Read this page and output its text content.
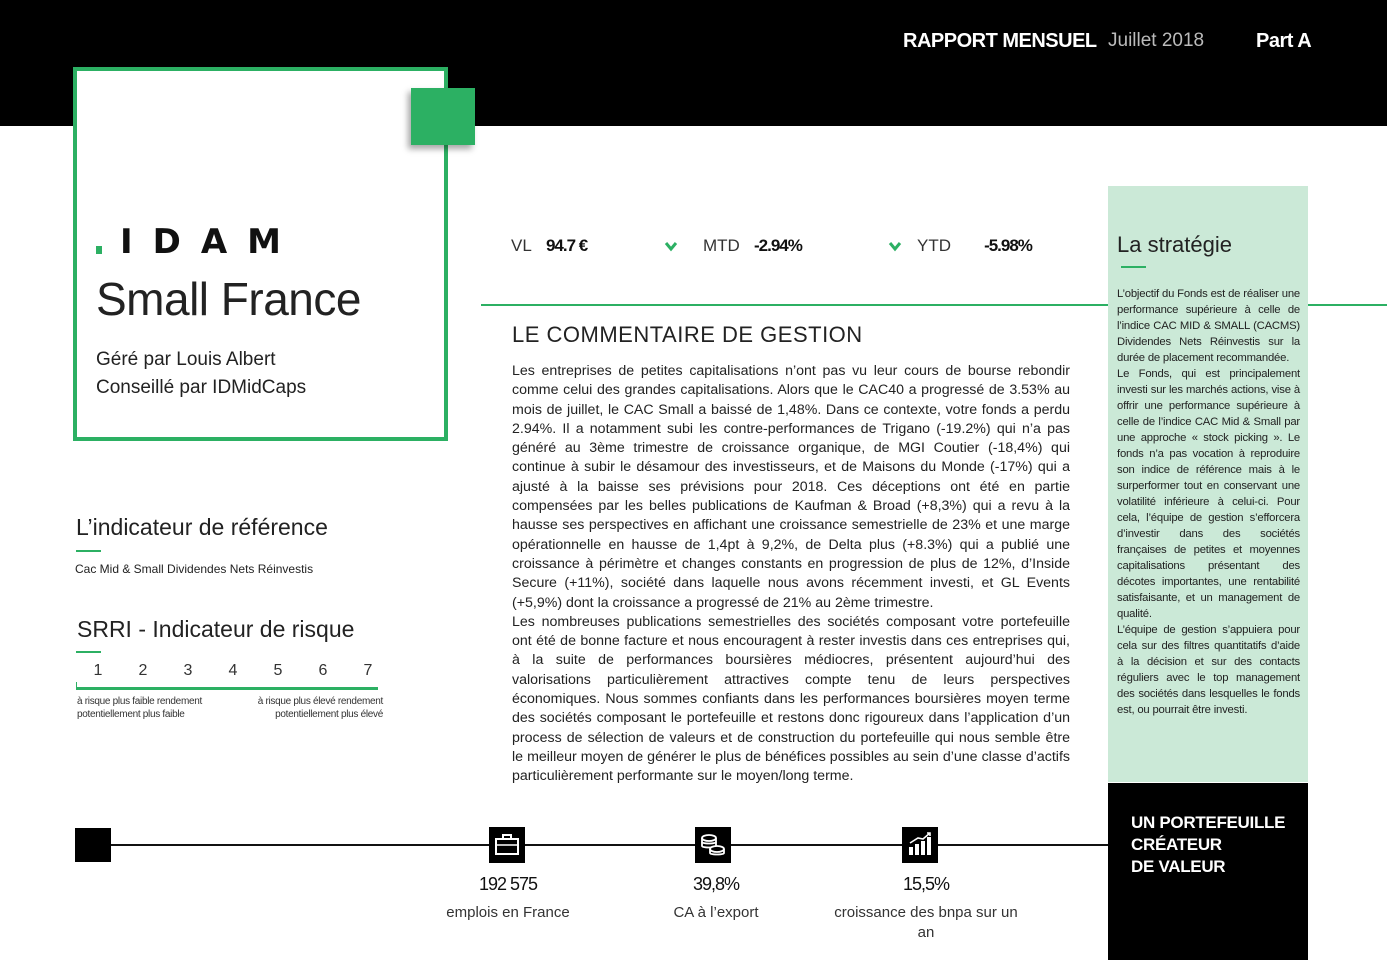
RAPPORT MENSUEL Juillet 2018	Part A
IDAM
Small France
Géré par Louis Albert
Conseillé par IDMidCaps
VL 94.7 €	MTD -2.94%	YTD -5.98%
L’indicateur de référence
Cac Mid & Small Dividendes Nets Réinvestis
SRRI - Indicateur de risque
1	2	3	4	5	6	7
à risque plus faible rendement
potentiellement plus faible
à risque plus élevé rendement
potentiellement plus élevé
LE COMMENTAIRE DE GESTION

Les entreprises de petites capitalisations n’ont pas vu leur cours de bourse rebondir comme celui des grandes capitalisations. Alors que le CAC40 a progressé de 3.53% au mois de juillet, le CAC Small a baissé de 1,48%. Dans ce contexte, votre fonds a perdu 2.94%. Il a notamment subi les contre-performances de Trigano (-19.2%) qui n’a pas généré au 3ème trimestre de croissance organique, de MGI Coutier (-18,4%) qui continue à subir le désamour des investisseurs, et de Maisons du Monde (-17%) qui a ajusté à la baisse ses prévisions pour 2018. Ces déceptions ont été en partie compensées par les belles publications de Kaufman & Broad (+8,3%) qui a revu à la hausse ses perspectives en affichant une croissance semestrielle de 23% et une marge opérationnelle en hausse de 1,4pt à 9,2%, de Delta plus (+8.3%) qui a publié une croissance à périmètre et changes constants en progression de plus de 12%, d’Inside Secure (+11%), société dans laquelle nous avons récemment investi, et GL Events (+5,9%) dont la croissance a progressé de 21% au 2ème trimestre.

Les nombreuses publications semestrielles des sociétés composant votre portefeuille ont été de bonne facture et nous encouragent à rester investis dans ces entreprises qui, à la suite de performances boursières médiocres, présentent aujourd’hui des valorisations particulièrement attractives compte tenu de leurs perspectives économiques. Nous sommes confiants dans les performances boursières moyen terme des sociétés composant le portefeuille et restons donc rigoureux dans l’application d’un process de sélection de valeurs et de construction du portefeuille qui nous semble être le meilleur moyen de générer le plus de bénéfices possibles au sein d’une classe d’actifs particulièrement performante sur le moyen/long terme.

La stratégie

L’objectif du Fonds est de réaliser une performance supérieure à celle de l’indice CAC MID & SMALL (CACMS) Dividendes Nets Réinvestis sur la durée de placement recommandée.

Le Fonds, qui est principalement investi sur les marchés actions, vise à offrir une performance supérieure à celle de l’indice CAC Mid & Small par une approche « stock picking ». Le fonds n’a pas vocation à reproduire son indice de référence mais à le surperformer tout en conservant une volatilité inférieure à celui-ci. Pour cela, l’équipe de gestion s’efforcera d’investir dans des sociétés françaises de petites et moyennes capitalisations présentant des décotes importantes, une rentabilité satisfaisante, et un management de qualité.

L’équipe de gestion s’appuiera pour cela sur des filtres quantitatifs d’aide à la décision et sur des contacts réguliers avec le top management des sociétés dans lesquelles le fonds est, ou pourrait être investi.

UN PORTEFEUILLE
CRÉATEUR
DE VALEUR
192 575
emplois en France
39,8%
CA à l’export
15,5%
croissance des bnpa sur un an
